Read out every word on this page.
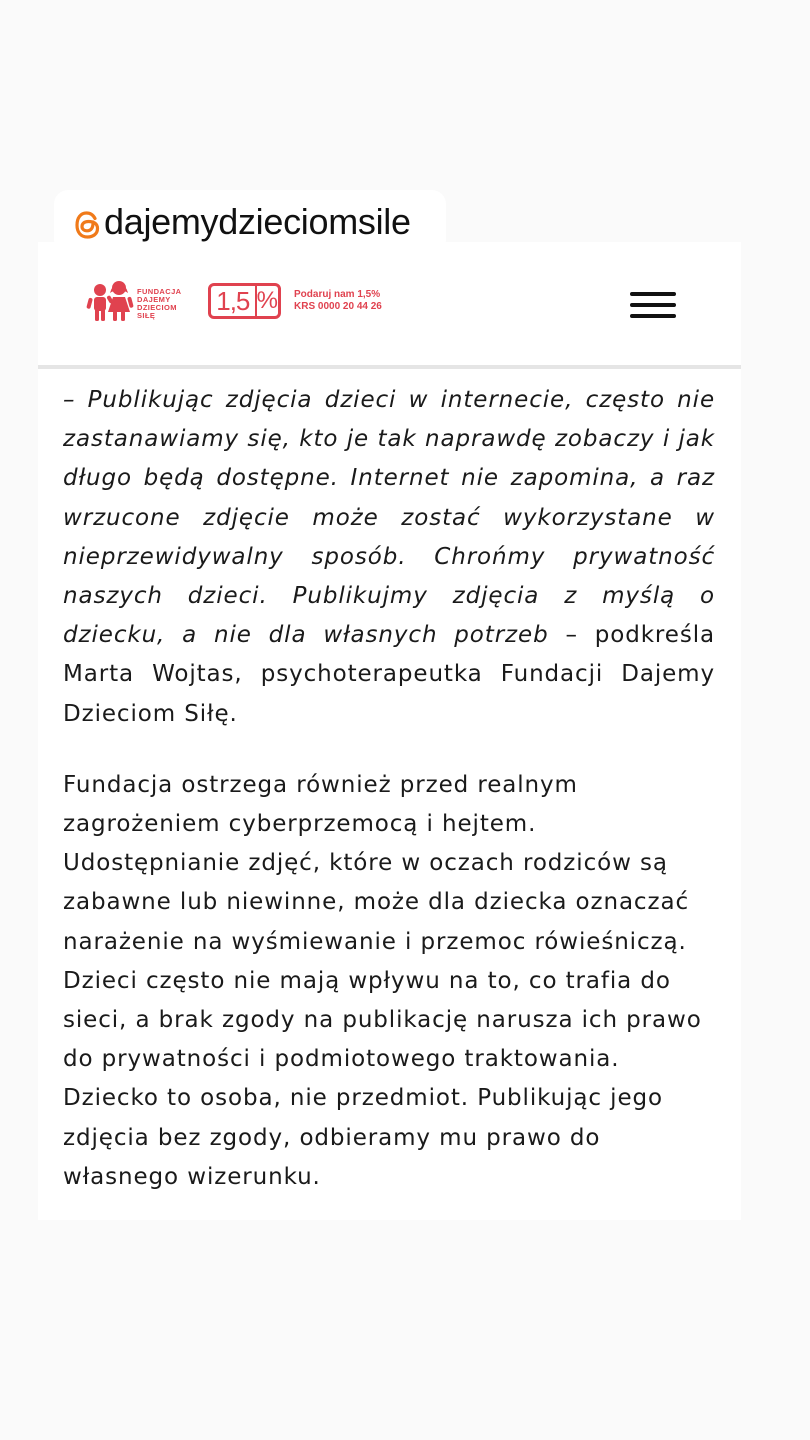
dajemydzieciomsile
FUNDACJA
DAJEMY
DZIECIOM
SIŁĘ	1,5 % Podaruj nam 1,5%
KRS 0000 20 44 26

– Publikując zdjęcia dzieci w internecie, często nie zastanawiamy się, kto je tak naprawdę zobaczy i jak długo będą dostępne. Internet nie zapomina, a raz wrzucone zdjęcie może zostać wykorzystane w nieprzewidywalny sposób. Chrońmy prywatność naszych dzieci. Publikujmy zdjęcia z myślą o dziecku, a nie dla własnych potrzeb – podkreśla Marta Wojtas, psychoterapeutka Fundacji Dajemy Dzieciom Siłę.

Fundacja ostrzega również przed realnym zagrożeniem cyberprzemocą i hejtem. Udostępnianie zdjęć, które w oczach rodziców są zabawne lub niewinne, może dla dziecka oznaczać narażenie na wyśmiewanie i przemoc rówieśniczą. Dzieci często nie mają wpływu na to, co trafia do sieci, a brak zgody na publikację narusza ich prawo do prywatności i podmiotowego traktowania. Dziecko to osoba, nie przedmiot. Publikując jego zdjęcia bez zgody, odbieramy mu prawo do własnego wizerunku.
